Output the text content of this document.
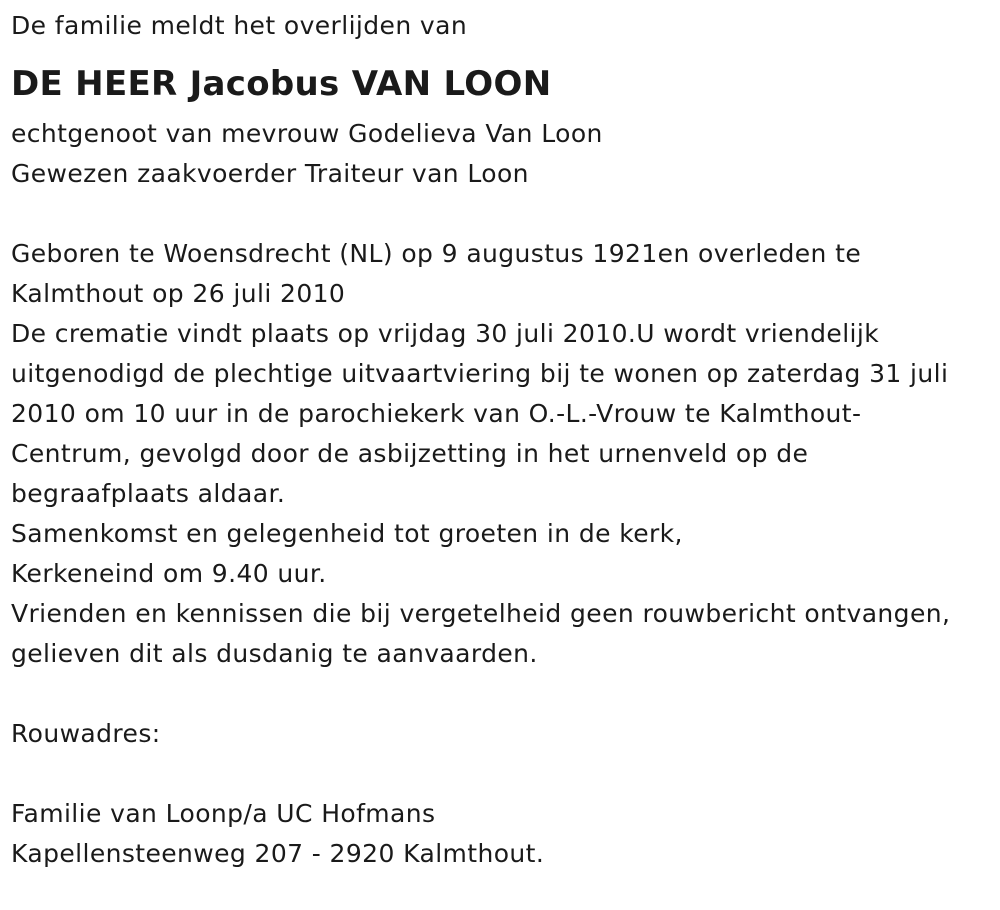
De familie meldt het overlijden van
DE HEER Jacobus VAN LOON
echtgenoot van mevrouw Godelieva Van Loon
Gewezen zaakvoerder Traiteur van Loon
Geboren te Woensdrecht (NL) op 9 augustus 1921en overleden te
Kalmthout op 26 juli 2010
De crematie vindt plaats op vrijdag 30 juli 2010.U wordt vriendelijk
uitgenodigd de plechtige uitvaartviering bij te wonen op zaterdag 31 juli
2010 om 10 uur in de parochiekerk van O.-L.-Vrouw te Kalmthout-
Centrum, gevolgd door de asbijzetting in het urnenveld op de
begraafplaats aldaar.
Samenkomst en gelegenheid tot groeten in de kerk,
Kerkeneind om 9.40 uur.
Vrienden en kennissen die bij vergetelheid geen rouwbericht ontvangen,
gelieven dit als dusdanig te aanvaarden.
Rouwadres:
Familie van Loonp/a UC Hofmans
Kapellensteenweg 207 - 2920 Kalmthout.
